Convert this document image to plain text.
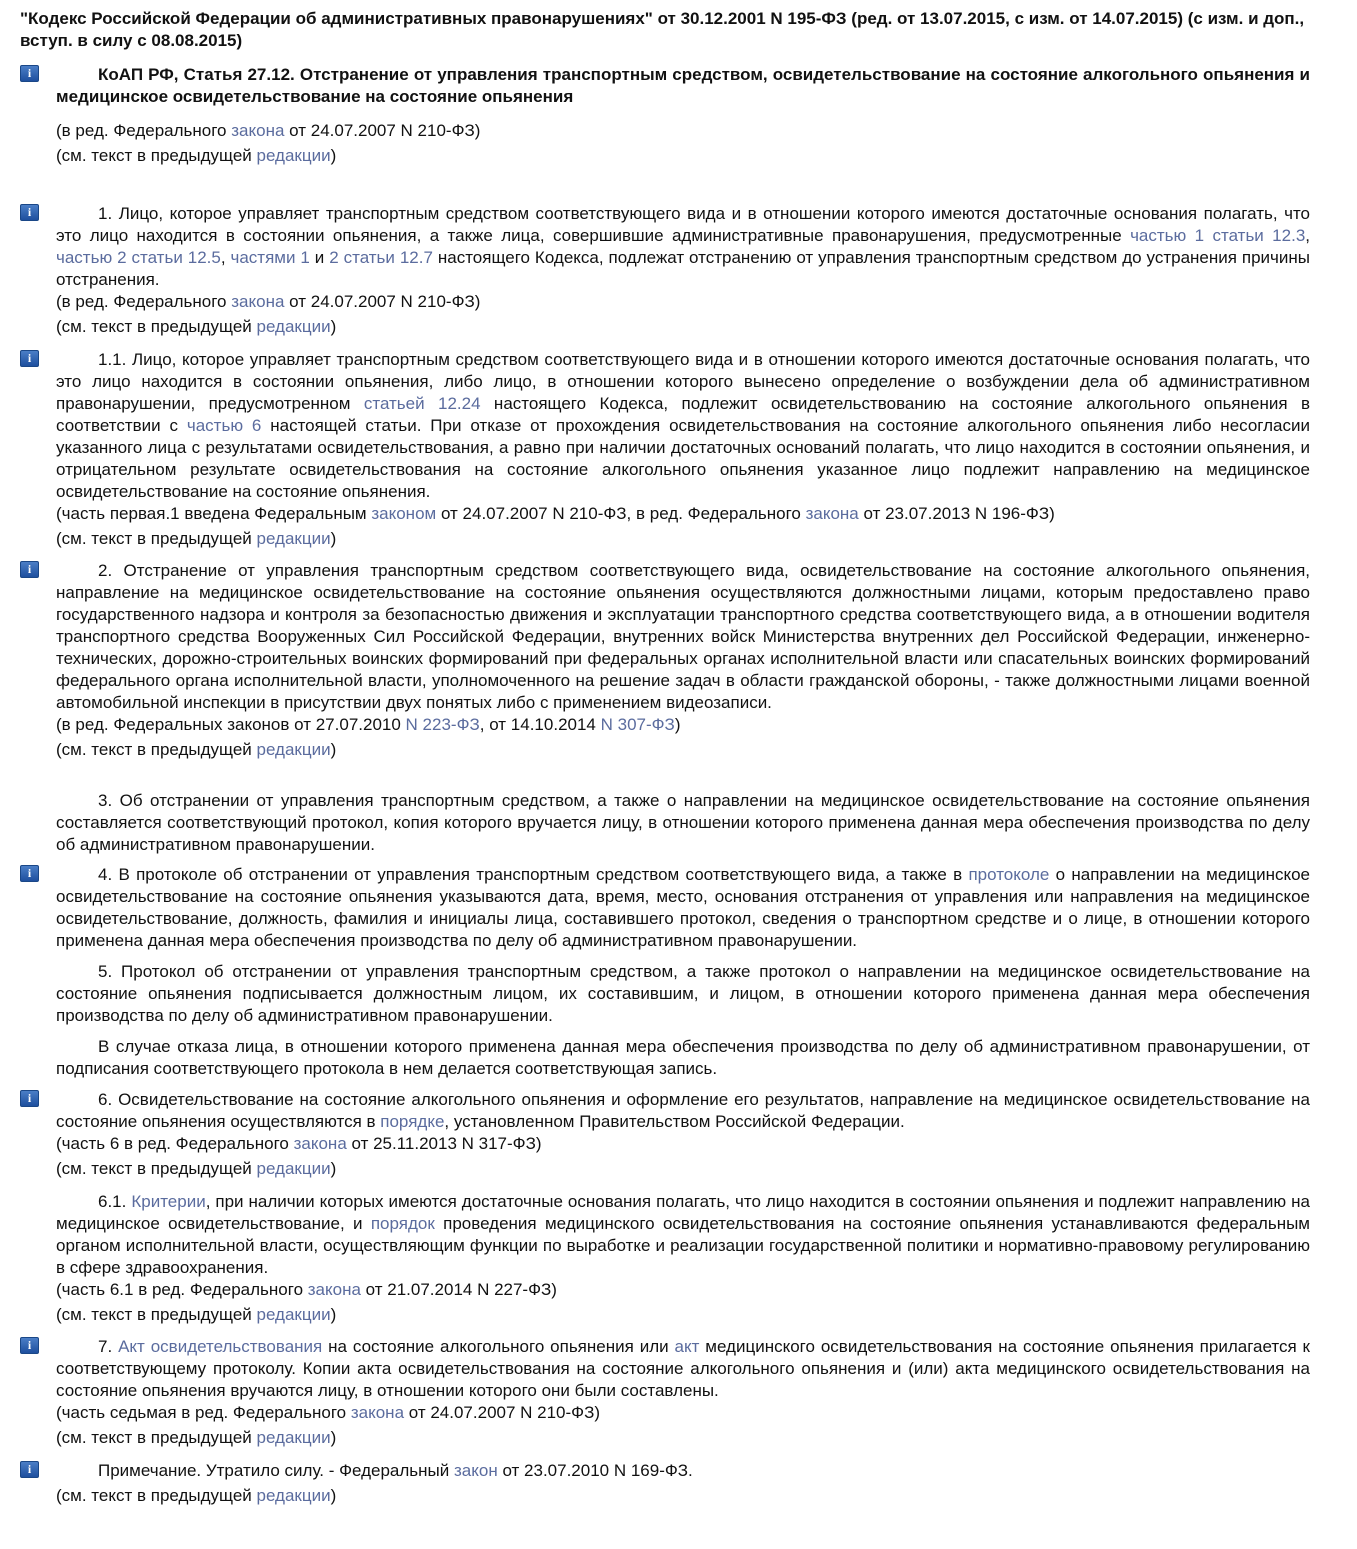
"Кодекс Российской Федерации об административных правонарушениях" от 30.12.2001 N 195-ФЗ (ред. от 13.07.2015, с изм. от 14.07.2015) (с изм. и доп., вступ. в силу с 08.08.2015)

i	КоАП РФ, Статья 27.12. Отстранение от управления транспортным средством, освидетельствование на состояние алкогольного опьянения и медицинское освидетельствование на состояние опьянения

(в ред. Федерального закона от 24.07.2007 N 210-ФЗ)

(см. текст в предыдущей редакции)

i	1. Лицо, которое управляет транспортным средством соответствующего вида и в отношении которого имеются достаточные основания полагать, что это лицо находится в состоянии опьянения, а также лица, совершившие административные правонарушения, предусмотренные частью 1 статьи 12.3, частью 2 статьи 12.5, частями 1 и 2 статьи 12.7 настоящего Кодекса, подлежат отстранению от управления транспортным средством до устранения причины отстранения.

(в ред. Федерального закона от 24.07.2007 N 210-ФЗ)

(см. текст в предыдущей редакции)

i	1.1. Лицо, которое управляет транспортным средством соответствующего вида и в отношении которого имеются достаточные основания полагать, что это лицо находится в состоянии опьянения, либо лицо, в отношении которого вынесено определение о возбуждении дела об административном правонарушении, предусмотренном статьей 12.24 настоящего Кодекса, подлежит освидетельствованию на состояние алкогольного опьянения в соответствии с частью 6 настоящей статьи. При отказе от прохождения освидетельствования на состояние алкогольного опьянения либо несогласии указанного лица с результатами освидетельствования, а равно при наличии достаточных оснований полагать, что лицо находится в состоянии опьянения, и отрицательном результате освидетельствования на состояние алкогольного опьянения указанное лицо подлежит направлению на медицинское освидетельствование на состояние опьянения.

(часть первая.1 введена Федеральным законом от 24.07.2007 N 210-ФЗ, в ред. Федерального закона от 23.07.2013 N 196-ФЗ)

(см. текст в предыдущей редакции)

i	2. Отстранение от управления транспортным средством соответствующего вида, освидетельствование на состояние алкогольного опьянения, направление на медицинское освидетельствование на состояние опьянения осуществляются должностными лицами, которым предоставлено право государственного надзора и контроля за безопасностью движения и эксплуатации транспортного средства соответствующего вида, а в отношении водителя транспортного средства Вооруженных Сил Российской Федерации, внутренних войск Министерства внутренних дел Российской Федерации, инженерно-технических, дорожно-строительных воинских формирований при федеральных органах исполнительной власти или спасательных воинских формирований федерального органа исполнительной власти, уполномоченного на решение задач в области гражданской обороны, - также должностными лицами военной автомобильной инспекции в присутствии двух понятых либо с применением видеозаписи.

(в ред. Федеральных законов от 27.07.2010 N 223-ФЗ, от 14.10.2014 N 307-ФЗ)

(см. текст в предыдущей редакции)

3. Об отстранении от управления транспортным средством, а также о направлении на медицинское освидетельствование на состояние опьянения составляется соответствующий протокол, копия которого вручается лицу, в отношении которого применена данная мера обеспечения производства по делу об административном правонарушении.

i	4. В протоколе об отстранении от управления транспортным средством соответствующего вида, а также в протоколе о направлении на медицинское освидетельствование на состояние опьянения указываются дата, время, место, основания отстранения от управления или направления на медицинское освидетельствование, должность, фамилия и инициалы лица, составившего протокол, сведения о транспортном средстве и о лице, в отношении которого применена данная мера обеспечения производства по делу об административном правонарушении.

5. Протокол об отстранении от управления транспортным средством, а также протокол о направлении на медицинское освидетельствование на состояние опьянения подписывается должностным лицом, их составившим, и лицом, в отношении которого применена данная мера обеспечения производства по делу об административном правонарушении.

В случае отказа лица, в отношении которого применена данная мера обеспечения производства по делу об административном правонарушении, от подписания соответствующего протокола в нем делается соответствующая запись.

i	6. Освидетельствование на состояние алкогольного опьянения и оформление его результатов, направление на медицинское освидетельствование на состояние опьянения осуществляются в порядке, установленном Правительством Российской Федерации.

(часть 6 в ред. Федерального закона от 25.11.2013 N 317-ФЗ)

(см. текст в предыдущей редакции)

6.1. Критерии, при наличии которых имеются достаточные основания полагать, что лицо находится в состоянии опьянения и подлежит направлению на медицинское освидетельствование, и порядок проведения медицинского освидетельствования на состояние опьянения устанавливаются федеральным органом исполнительной власти, осуществляющим функции по выработке и реализации государственной политики и нормативно-правовому регулированию в сфере здравоохранения.

(часть 6.1 в ред. Федерального закона от 21.07.2014 N 227-ФЗ)

(см. текст в предыдущей редакции)

i	7. Акт освидетельствования на состояние алкогольного опьянения или акт медицинского освидетельствования на состояние опьянения прилагается к соответствующему протоколу. Копии акта освидетельствования на состояние алкогольного опьянения и (или) акта медицинского освидетельствования на состояние опьянения вручаются лицу, в отношении которого они были составлены.

(часть седьмая в ред. Федерального закона от 24.07.2007 N 210-ФЗ)

(см. текст в предыдущей редакции)

i	Примечание. Утратило силу. - Федеральный закон от 23.07.2010 N 169-ФЗ.

(см. текст в предыдущей редакции)
